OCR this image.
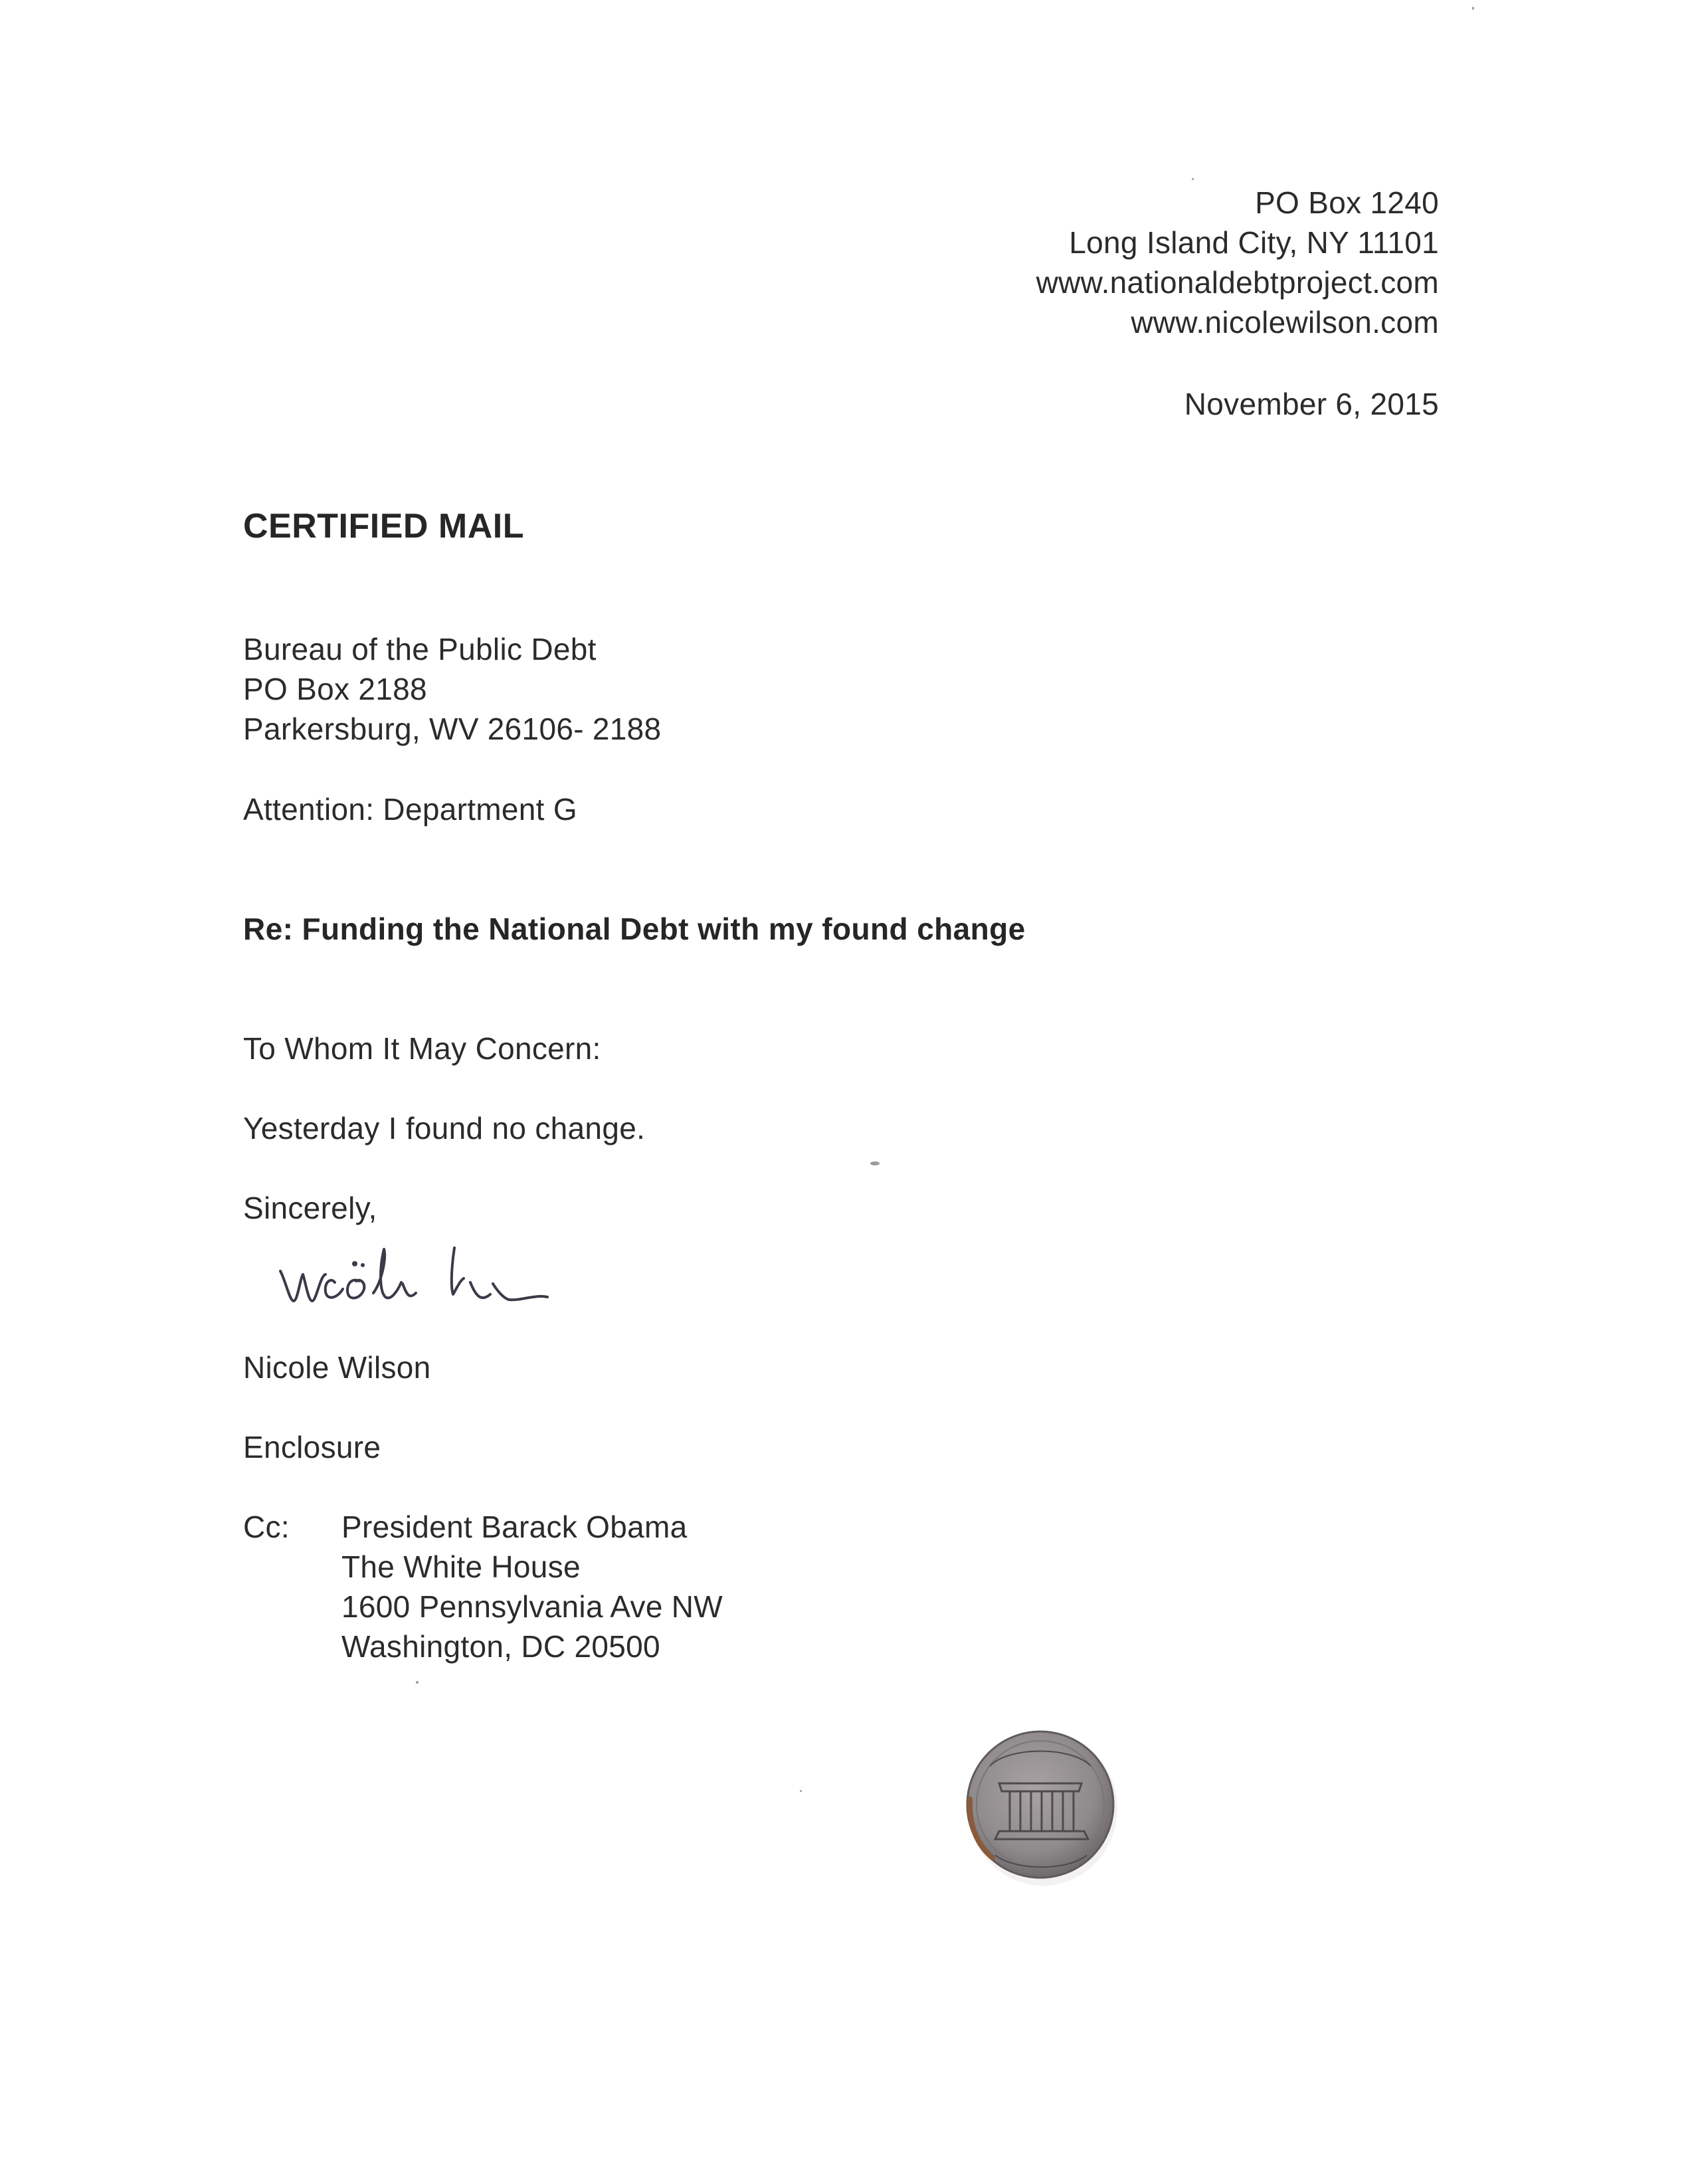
PO Box 1240
Long Island City, NY 11101
www.nationaldebtproject.com
www.nicolewilson.com
November 6, 2015
CERTIFIED MAIL
Bureau of the Public Debt
PO Box 2188
Parkersburg, WV 26106- 2188
Attention: Department G
Re: Funding the National Debt with my found change
To Whom It May Concern:
Yesterday I found no change.
Sincerely,
Nicole Wilson
Enclosure
Cc: President Barack Obama
The White House
1600 Pennsylvania Ave NW
Washington, DC 20500
